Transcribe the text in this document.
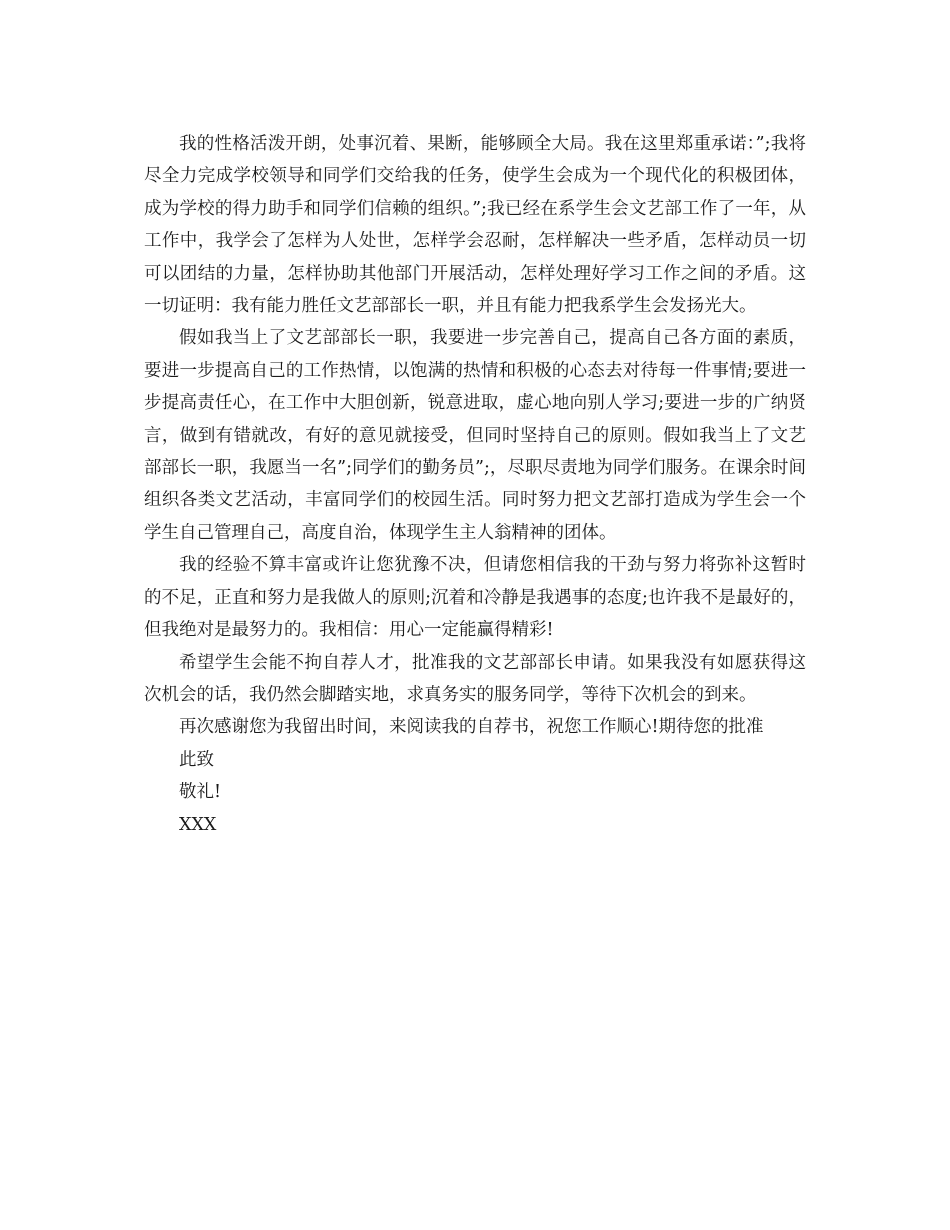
我的性格活泼开朗，处事沉着、果断，能够顾全大局。我在这里郑重承诺：”;我将尽全力完成学校领导和同学们交给我的任务，使学生会成为一个现代化的积极团体，成为学校的得力助手和同学们信赖的组织。”;我已经在系学生会文艺部工作了一年，从工作中，我学会了怎样为人处世，怎样学会忍耐，怎样解决一些矛盾，怎样动员一切可以团结的力量，怎样协助其他部门开展活动，怎样处理好学习工作之间的矛盾。这一切证明：我有能力胜任文艺部部长一职，并且有能力把我系学生会发扬光大。

假如我当上了文艺部部长一职，我要进一步完善自己，提高自己各方面的素质，要进一步提高自己的工作热情，以饱满的热情和积极的心态去对待每一件事情;要进一步提高责任心，在工作中大胆创新，锐意进取，虚心地向别人学习;要进一步的广纳贤言，做到有错就改，有好的意见就接受，但同时坚持自己的原则。假如我当上了文艺部部长一职，我愿当一名”;同学们的勤务员”;，尽职尽责地为同学们服务。在课余时间组织各类文艺活动，丰富同学们的校园生活。同时努力把文艺部打造成为学生会一个学生自己管理自己，高度自治，体现学生主人翁精神的团体。

我的经验不算丰富或许让您犹豫不决，但请您相信我的干劲与努力将弥补这暂时的不足，正直和努力是我做人的原则;沉着和冷静是我遇事的态度;也许我不是最好的，但我绝对是最努力的。我相信：用心一定能赢得精彩!

希望学生会能不拘自荐人才，批准我的文艺部部长申请。如果我没有如愿获得这次机会的话，我仍然会脚踏实地，求真务实的服务同学，等待下次机会的到来。

再次感谢您为我留出时间，来阅读我的自荐书，祝您工作顺心!期待您的批准

此致

敬礼!

XXX
